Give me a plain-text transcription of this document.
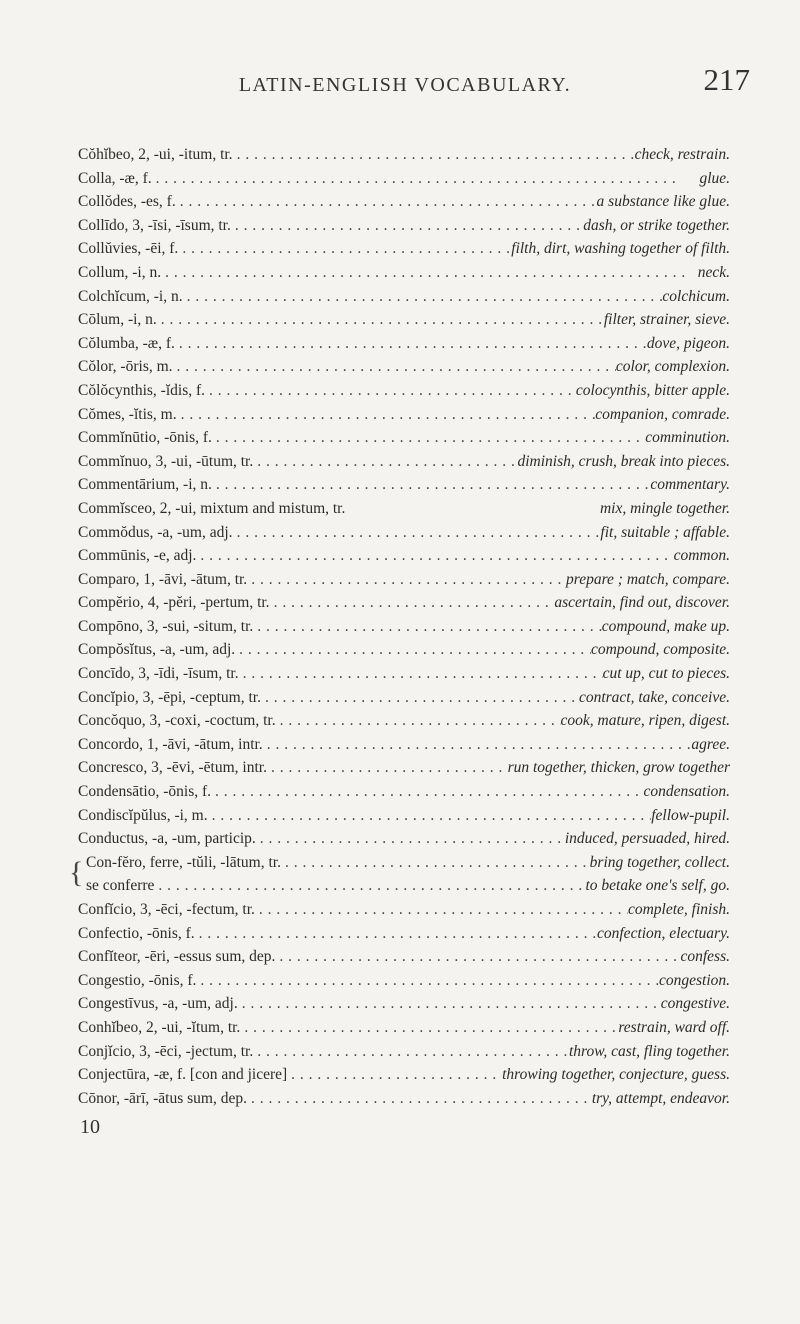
LATIN-ENGLISH VOCABULARY.	217
Cŏhĭbeo, 2, -ui, -itum, tr. . . .	check, restrain.
Colla, -æ, f. . . .	glue.
Collŏdes, -es, f. . . .	a substance like glue.
Collīdo, 3, -īsi, -īsum, tr. . . .	dash, or strike together.
Collŭvies, -ēi, f. . . .	filth, dirt, washing together of filth.
Collum, -i, n. . . .	neck.
Colchĭcum, -i, n. . . .	colchicum.
Cōlum, -i, n. . . .	filter, strainer, sieve.
Cŏlumba, -æ, f. . . .	dove, pigeon.
Cŏlor, -ōris, m. . . .	color, complexion.
Cŏlŏcynthis, -ĭdis, f. . . .	colocynthis, bitter apple.
Cŏmes, -ĭtis, m. . . .	companion, comrade.
Commĭnūtio, -ōnis, f. . . .	comminution.
Commĭnuo, 3, -ui, -ūtum, tr. . . .	diminish, crush, break into pieces.
Commentārium, -i, n. . . .	commentary.
Commĭsceo, 2, -ui, mixtum and mistum, tr.	mix, mingle together.
Commŏdus, -a, -um, adj. . . .	fit, suitable ; affable.
Commūnis, -e, adj. . . .	common.
Comparo, 1, -āvi, -ātum, tr. . . .	prepare ; match, compare.
Compĕrio, 4, -pĕri, -pertum, tr. . . .	ascertain, find out, discover.
Compōno, 3, -sui, -situm, tr. . . .	compound, make up.
Compŏsĭtus, -a, -um, adj. . . .	compound, composite.
Concīdo, 3, -īdi, -īsum, tr. . . .	cut up, cut to pieces.
Concĭpio, 3, -ēpi, -ceptum, tr. . . .	contract, take, conceive.
Concŏquo, 3, -coxi, -coctum, tr. . . .	cook, mature, ripen, digest.
Concordo, 1, -āvi, -ātum, intr. . . .	agree.
Concresco, 3, -ēvi, -ētum, intr. . . .	run together, thicken, grow together
Condensātio, -ōnis, f. . . .	condensation.
Condiscĭpŭlus, -i, m. . . .	fellow-pupil.
Conductus, -a, -um, particip. . . .	induced, persuaded, hired.
{ Con-fĕro, ferre, -tŭli, -lātum, tr. . . .	bring together, collect.
se conferre . . .	to betake one's self, go.
Confĭcio, 3, -ēci, -fectum, tr. . . .	complete, finish.
Confectio, -ōnis, f. . . .	confection, electuary.
Confĭteor, -ēri, -essus sum, dep. . . .	confess.
Congestio, -ōnis, f. . . .	congestion.
Congestīvus, -a, -um, adj. . . .	congestive.
Conhĭbeo, 2, -ui, -ĭtum, tr. . . .	restrain, ward off.
Conjĭcio, 3, -ēci, -jectum, tr. . . .	throw, cast, fling together.
Conjectūra, -æ, f. [con and jicere] . . .	throwing together, conjecture, guess.
Cōnor, -ārī, -ātus sum, dep. . . .	try, attempt, endeavor.
10
